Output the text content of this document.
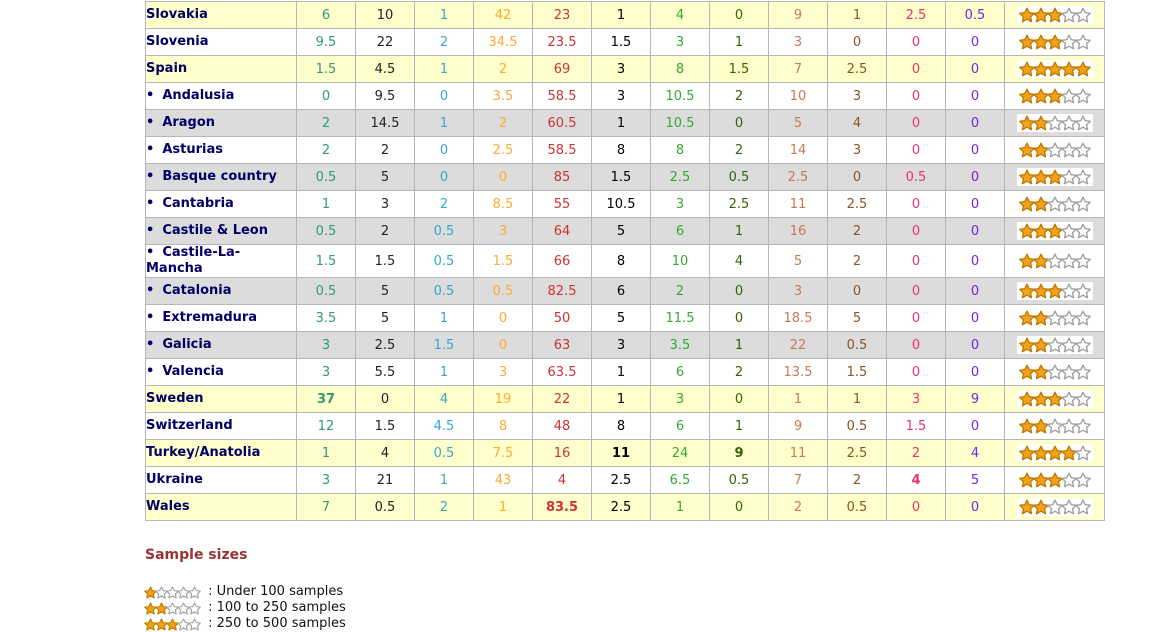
Slovakia	6	10	1	42	23	1	4	0	9	1	2.5	0.5	
Slovenia	9.5	22	2	34.5	23.5	1.5	3	1	3	0	0	0	
Spain	1.5	4.5	1	2	69	3	8	1.5	7	2.5	0	0	
• Andalusia	0	9.5	0	3.5	58.5	3	10.5	2	10	3	0	0	
• Aragon	2	14.5	1	2	60.5	1	10.5	0	5	4	0	0	
• Asturias	2	2	0	2.5	58.5	8	8	2	14	3	0	0	
• Basque country	0.5	5	0	0	85	1.5	2.5	0.5	2.5	0	0.5	0	
• Cantabria	1	3	2	8.5	55	10.5	3	2.5	11	2.5	0	0	
• Castile & Leon	0.5	2	0.5	3	64	5	6	1	16	2	0	0	
• Castile-La-Mancha	1.5	1.5	0.5	1.5	66	8	10	4	5	2	0	0	
• Catalonia	0.5	5	0.5	0.5	82.5	6	2	0	3	0	0	0	
• Extremadura	3.5	5	1	0	50	5	11.5	0	18.5	5	0	0	
• Galicia	3	2.5	1.5	0	63	3	3.5	1	22	0.5	0	0	
• Valencia	3	5.5	1	3	63.5	1	6	2	13.5	1.5	0	0	
Sweden	37	0	4	19	22	1	3	0	1	1	3	9	
Switzerland	12	1.5	4.5	8	48	8	6	1	9	0.5	1.5	0	
Turkey/Anatolia	1	4	0.5	7.5	16	11	24	9	11	2.5	2	4	
Ukraine	3	21	1	43	4	2.5	6.5	0.5	7	2	4	5	
Wales	7	0.5	2	1	83.5	2.5	1	0	2	0.5	0	0	
Sample sizes
: Under 100 samples
: 100 to 250 samples
: 250 to 500 samples
